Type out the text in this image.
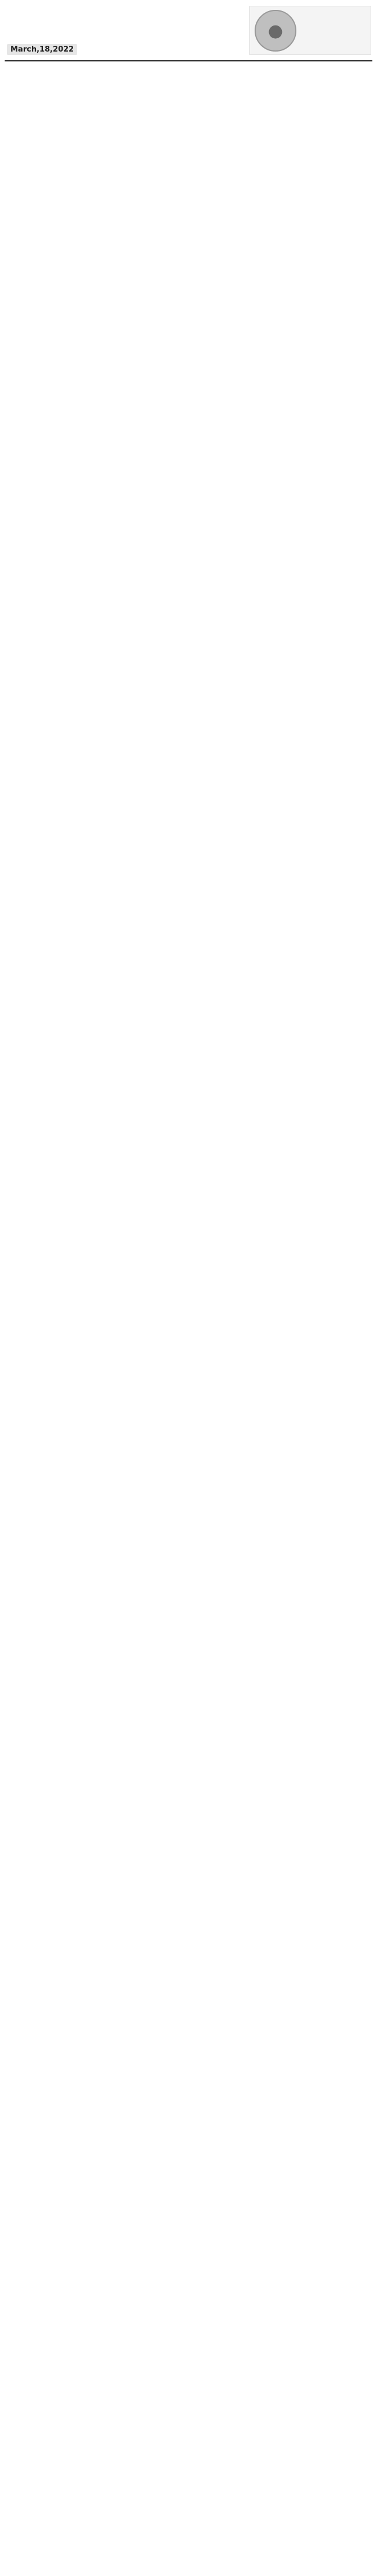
●
March,18,2022
